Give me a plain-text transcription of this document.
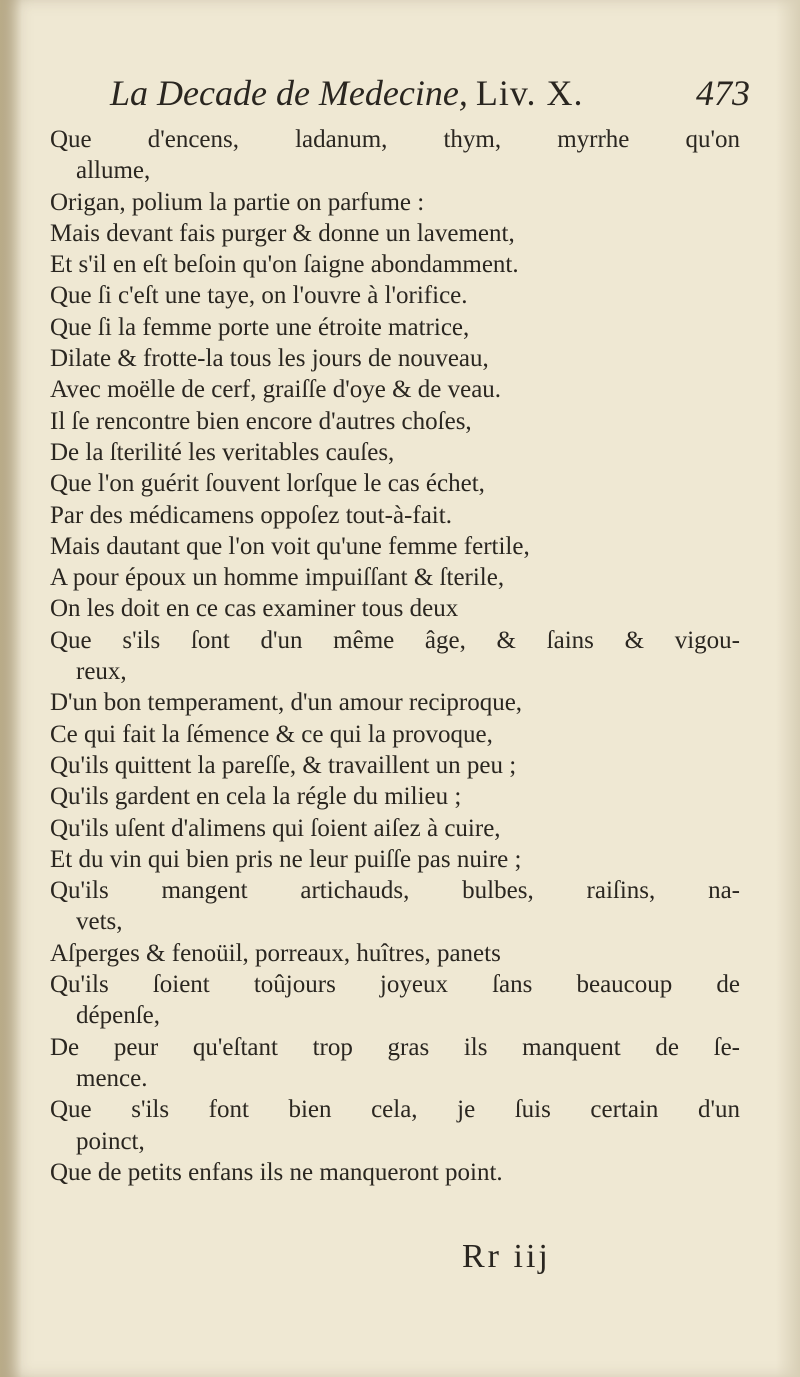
La Decade de Medecine, Liv. X.	473
Que d'encens, ladanum, thym, myrrhe qu'on
allume,
Origan, polium la partie on parfume :
Mais devant fais purger & donne un lavement,
Et s'il en eſt beſoin qu'on ſaigne abondamment.
Que ſi c'eſt une taye, on l'ouvre à l'orifice.
Que ſi la femme porte une étroite matrice,
Dilate & frotte-la tous les jours de nouveau,
Avec moëlle de cerf, graiſſe d'oye & de veau.
Il ſe rencontre bien encore d'autres choſes,
De la ſterilité les veritables cauſes,
Que l'on guérit ſouvent lorſque le cas échet,
Par des médicamens oppoſez tout-à-fait.
Mais dautant que l'on voit qu'une femme fertile,
A pour époux un homme impuiſſant & ſterile,
On les doit en ce cas examiner tous deux
Que s'ils ſont d'un même âge, & ſains & vigou-
reux,
D'un bon temperament, d'un amour reciproque,
Ce qui fait la ſémence & ce qui la provoque,
Qu'ils quittent la pareſſe, & travaillent un peu ;
Qu'ils gardent en cela la régle du milieu ;
Qu'ils uſent d'alimens qui ſoient aiſez à cuire,
Et du vin qui bien pris ne leur puiſſe pas nuire ;
Qu'ils mangent artichauds, bulbes, raiſins, na-
vets,
Aſperges & fenoüil, porreaux, huîtres, panets
Qu'ils ſoient toûjours joyeux ſans beaucoup de
dépenſe,
De peur qu'eſtant trop gras ils manquent de ſe-
mence.
Que s'ils font bien cela, je ſuis certain d'un
poinct,
Que de petits enfans ils ne manqueront point.
Rr iij
